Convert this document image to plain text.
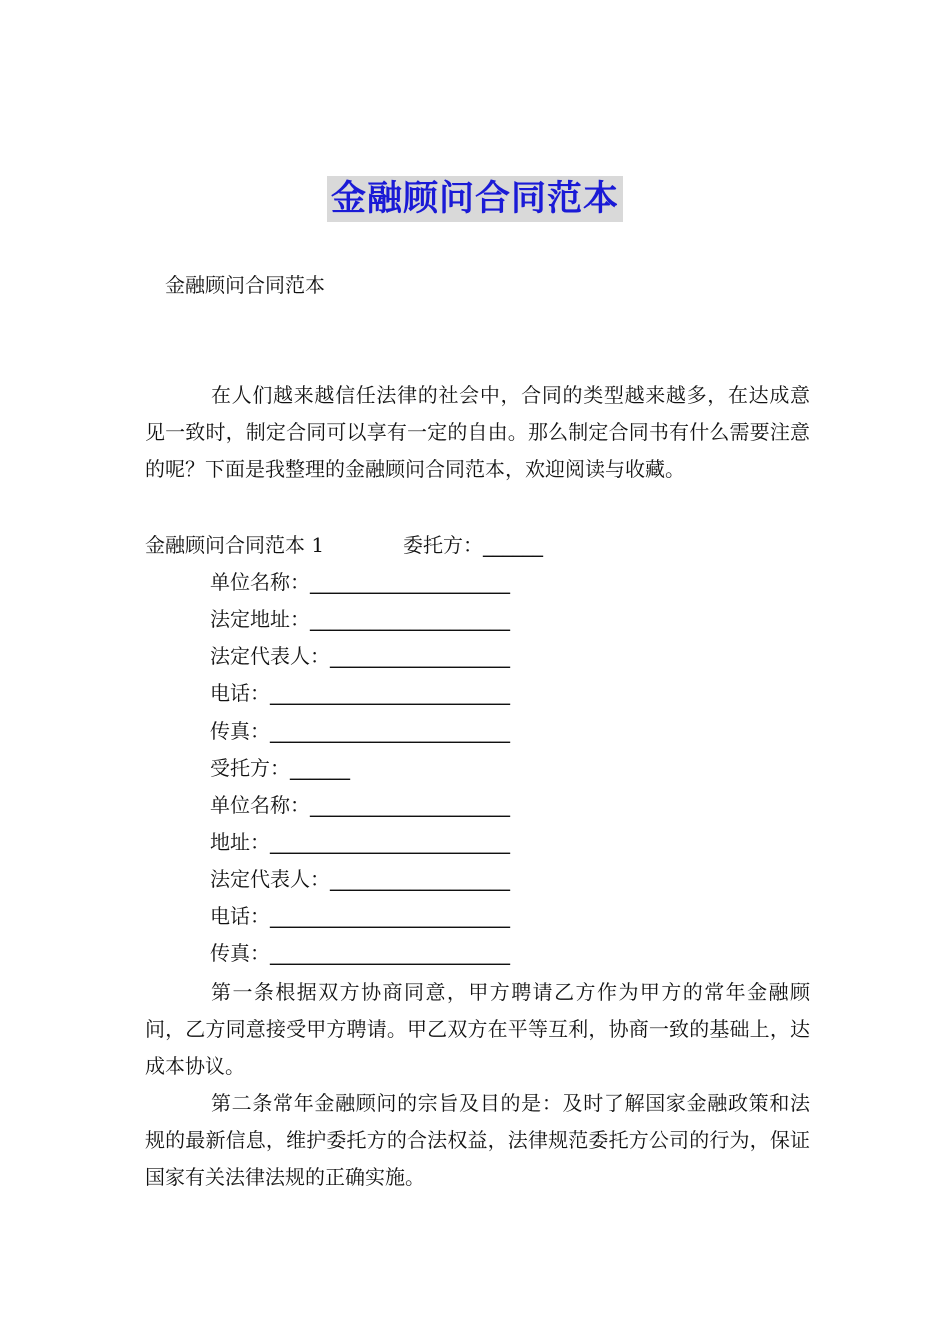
金融顾问合同范本
金融顾问合同范本
在人们越来越信任法律的社会中，合同的类型越来越多，在达成意见一致时，制定合同可以享有一定的自由。那么制定合同书有什么需要注意的呢？下面是我整理的金融顾问合同范本，欢迎阅读与收藏。
金融顾问合同范本 1	委托方：______
单位名称：____________________
法定地址：____________________
法定代表人：__________________
电话：________________________
传真：________________________
受托方：______
单位名称：____________________
地址：________________________
法定代表人：__________________
电话：________________________
传真：________________________
第一条根据双方协商同意，甲方聘请乙方作为甲方的常年金融顾问，乙方同意接受甲方聘请。甲乙双方在平等互利，协商一致的基础上，达成本协议。
第二条常年金融顾问的宗旨及目的是：及时了解国家金融政策和法规的最新信息，维护委托方的合法权益，法律规范委托方公司的行为，保证国家有关法律法规的正确实施。
